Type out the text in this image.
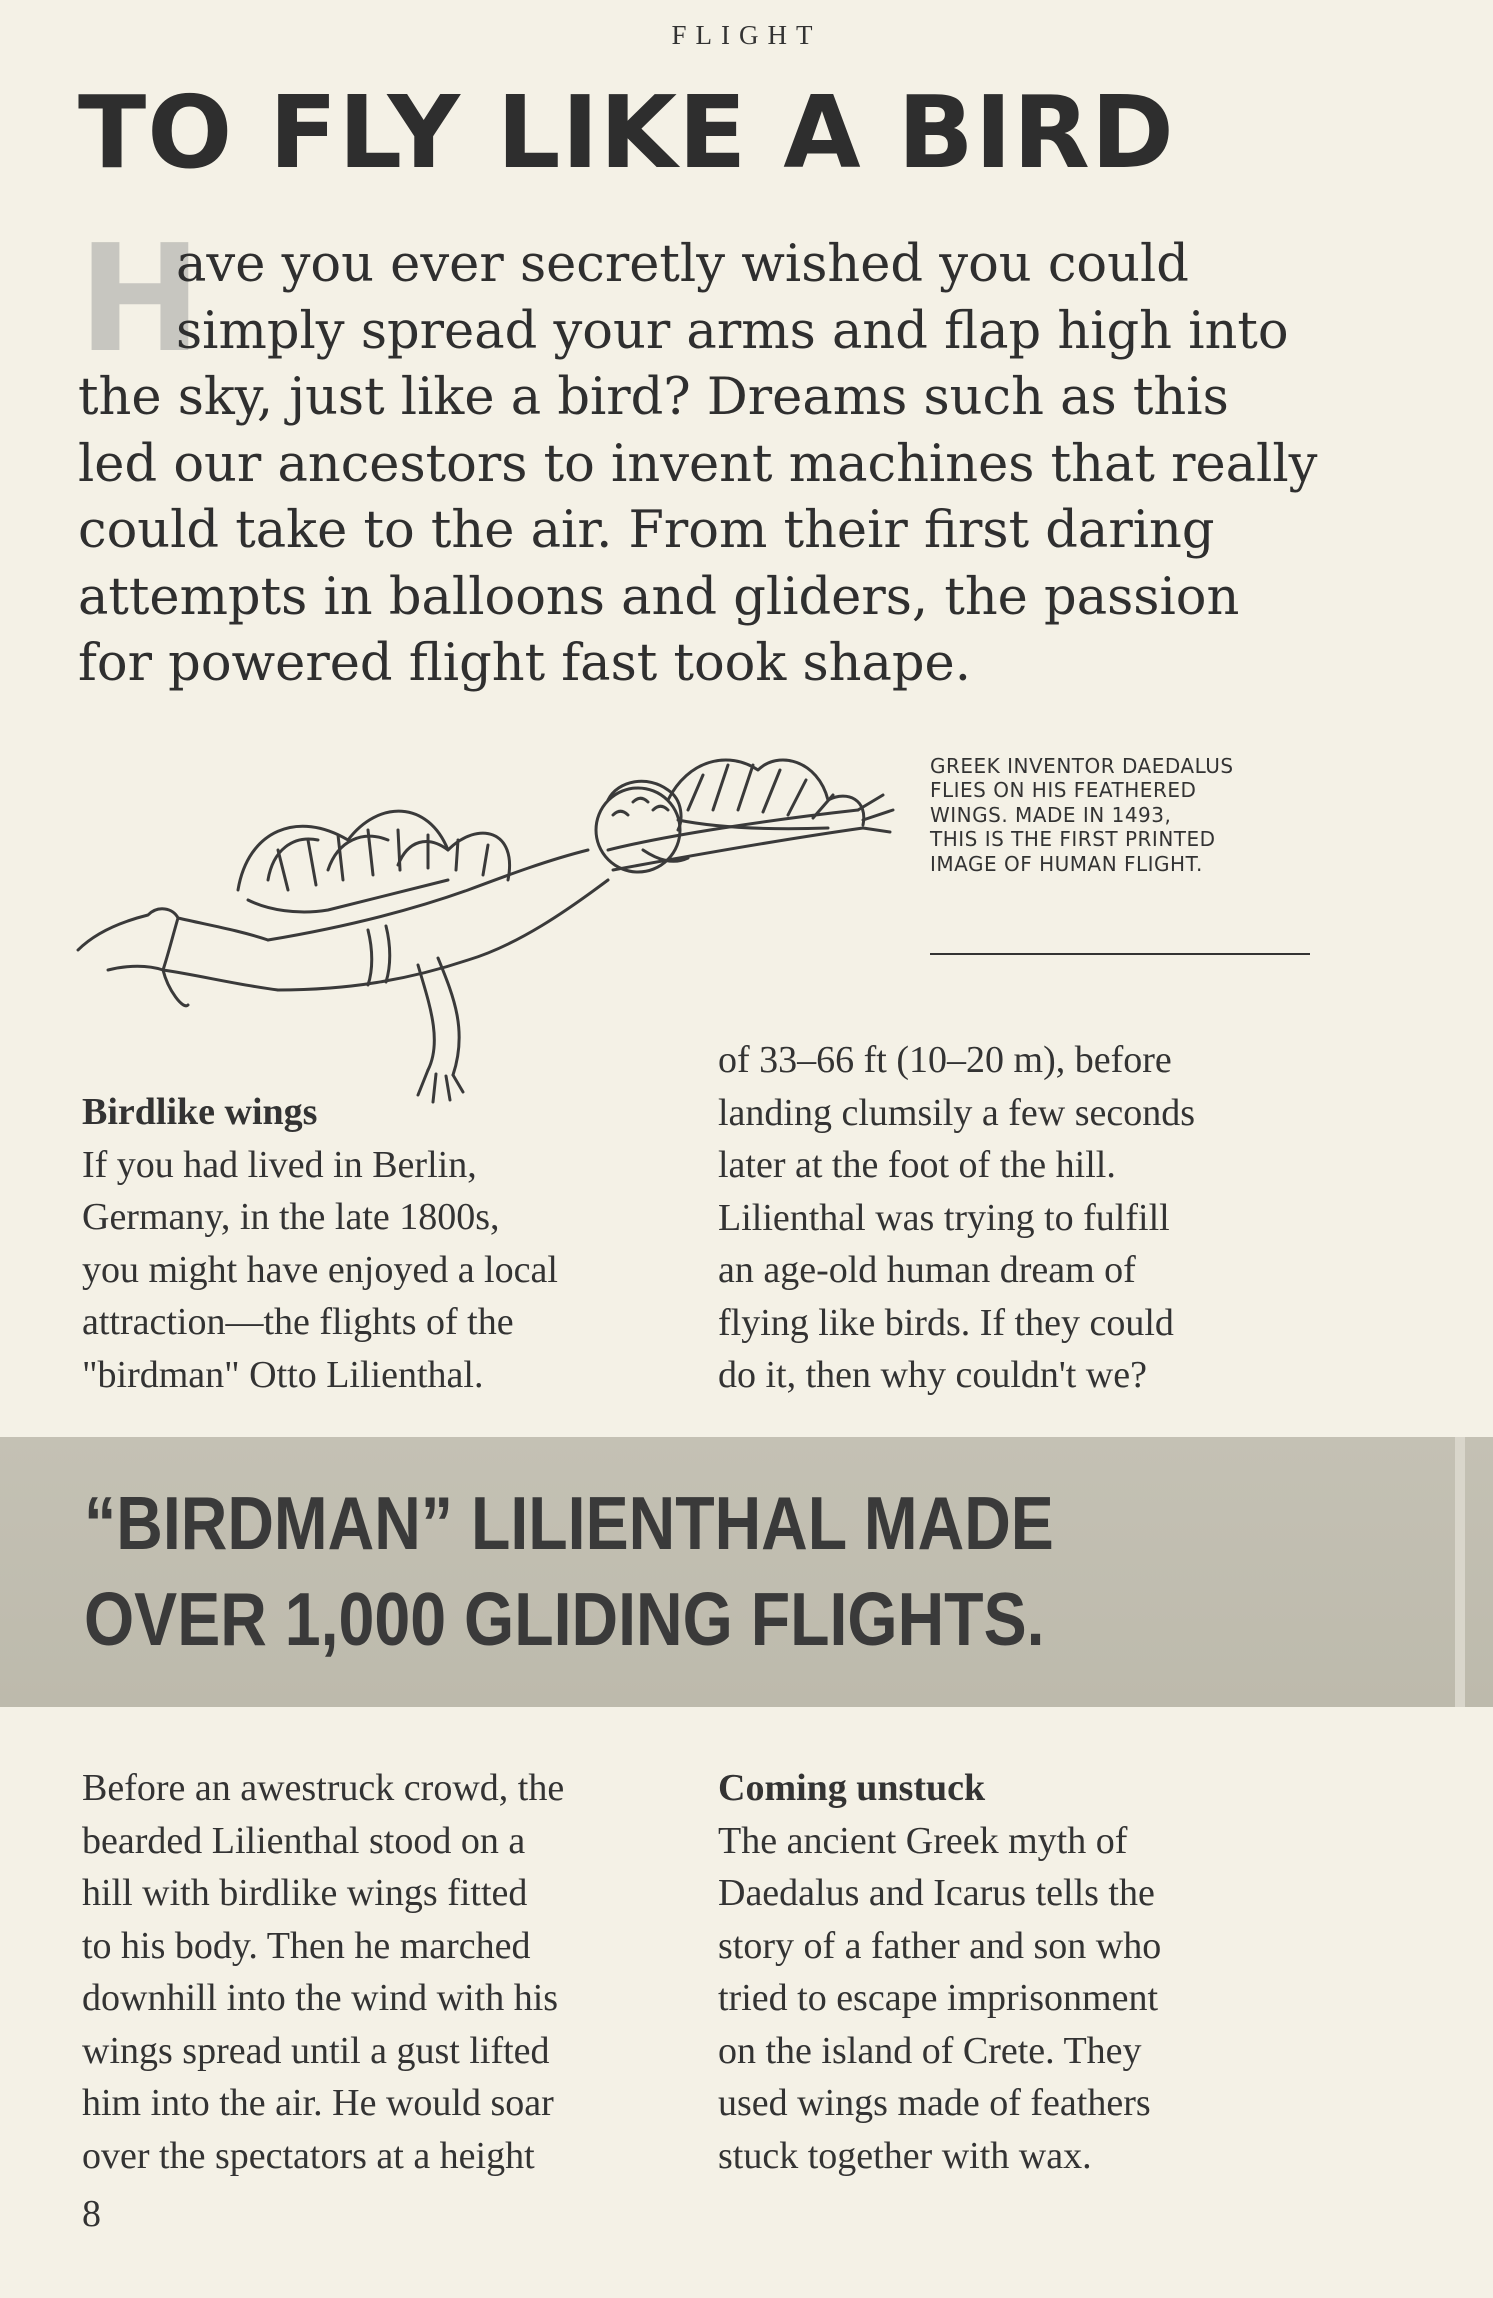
FLIGHT
TO FLY LIKE A BIRD
H
ave you ever secretly wished you could
simply spread your arms and flap high into
the sky, just like a bird? Dreams such as this
led our ancestors to invent machines that really
could take to the air. From their first daring
attempts in balloons and gliders, the passion
for powered flight fast took shape.
GREEK INVENTOR DAEDALUS
FLIES ON HIS FEATHERED
WINGS. MADE IN 1493,
THIS IS THE FIRST PRINTED
IMAGE OF HUMAN FLIGHT.
Birdlike wings
If you had lived in Berlin,
Germany, in the late 1800s,
you might have enjoyed a local
attraction—the flights of the
"birdman" Otto Lilienthal.
of 33–66 ft (10–20 m), before
landing clumsily a few seconds
later at the foot of the hill.
Lilienthal was trying to fulfill
an age-old human dream of
flying like birds. If they could
do it, then why couldn't we?
“BIRDMAN” LILIENTHAL MADE
OVER 1,000 GLIDING FLIGHTS.
Before an awestruck crowd, the
bearded Lilienthal stood on a
hill with birdlike wings fitted
to his body. Then he marched
downhill into the wind with his
wings spread until a gust lifted
him into the air. He would soar
over the spectators at a height
Coming unstuck
The ancient Greek myth of
Daedalus and Icarus tells the
story of a father and son who
tried to escape imprisonment
on the island of Crete. They
used wings made of feathers
stuck together with wax.
8
